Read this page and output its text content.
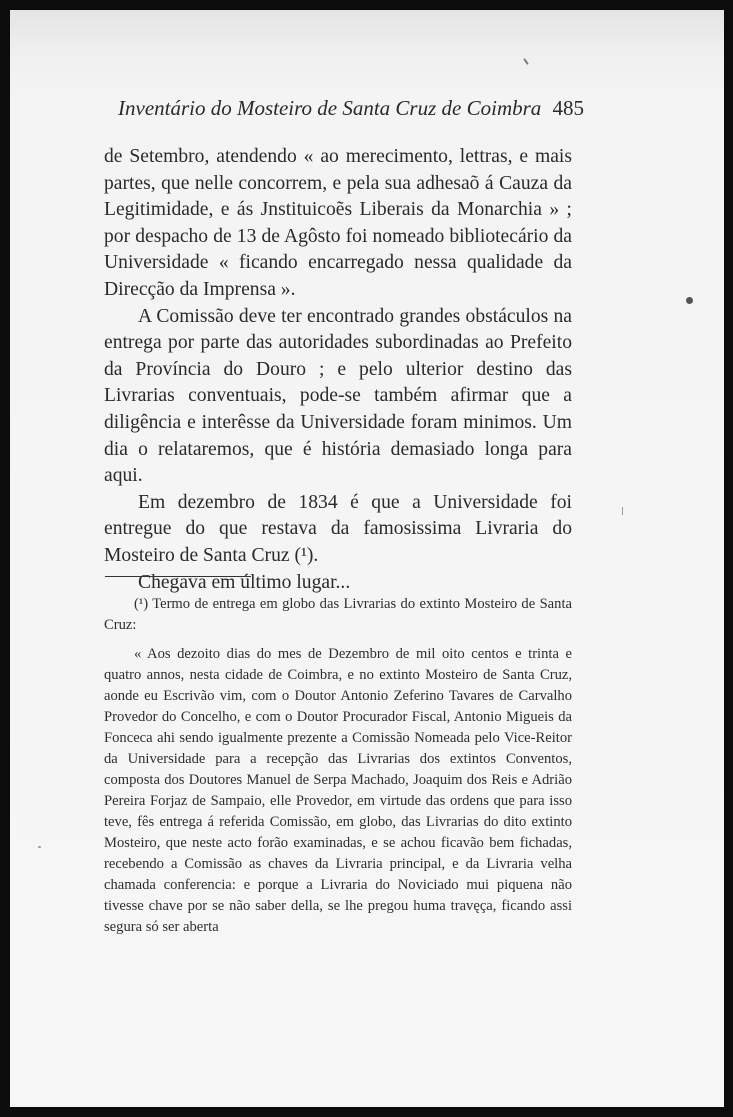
Inventário do Mosteiro de Santa Cruz de Coimbra 485

de Setembro, atendendo « ao merecimento, lettras, e mais partes, que nelle concorrem, e pela sua adhesaõ á Cauza da Legitimidade, e ás Jnstituicoẽs Liberais da Monarchia » ; por despacho de 13 de Agôsto foi nomeado bibliotecário da Universidade « ficando encarregado nessa qualidade da Direcção da Imprensa ».

A Comissão deve ter encontrado grandes obstáculos na entrega por parte das autoridades subordinadas ao Prefeito da Província do Douro ; e pelo ulterior destino das Livrarias conventuais, pode-se também afirmar que a diligência e interêsse da Universidade foram minimos. Um dia o relataremos, que é história demasiado longa para aqui.

Em dezembro de 1834 é que a Universidade foi entregue do que restava da famosissima Livraria do Mosteiro de Santa Cruz (¹).

Chegava em último lugar...

(¹) Termo de entrega em globo das Livrarias do extinto Mosteiro de Santa Cruz:

« Aos dezoito dias do mes de Dezembro de mil oito centos e trinta e quatro annos, nesta cidade de Coimbra, e no extinto Mosteiro de Santa Cruz, aonde eu Escrivão vim, com o Doutor Antonio Zeferino Tavares de Carvalho Provedor do Concelho, e com o Doutor Procurador Fiscal, Antonio Migueis da Fonceca ahi sendo igualmente prezente a Comissão Nomeada pelo Vice-Reitor da Universidade para a recepção das Livrarias dos extintos Conventos, composta dos Doutores Manuel de Serpa Machado, Joaquim dos Reis e Adrião Pereira Forjaz de Sampaio, elle Provedor, em virtude das ordens que para isso teve, fês entrega á referida Comissão, em globo, das Livrarias do dito extinto Mosteiro, que neste acto forão examinadas, e se achou ficavão bem fichadas, recebendo a Comissão as chaves da Livraria principal, e da Livraria velha chamada conferencia: e porque a Livraria do Noviciado mui piquena não tivesse chave por se não saber della, se lhe pregou huma travęça, ficando assi segura só ser aberta
